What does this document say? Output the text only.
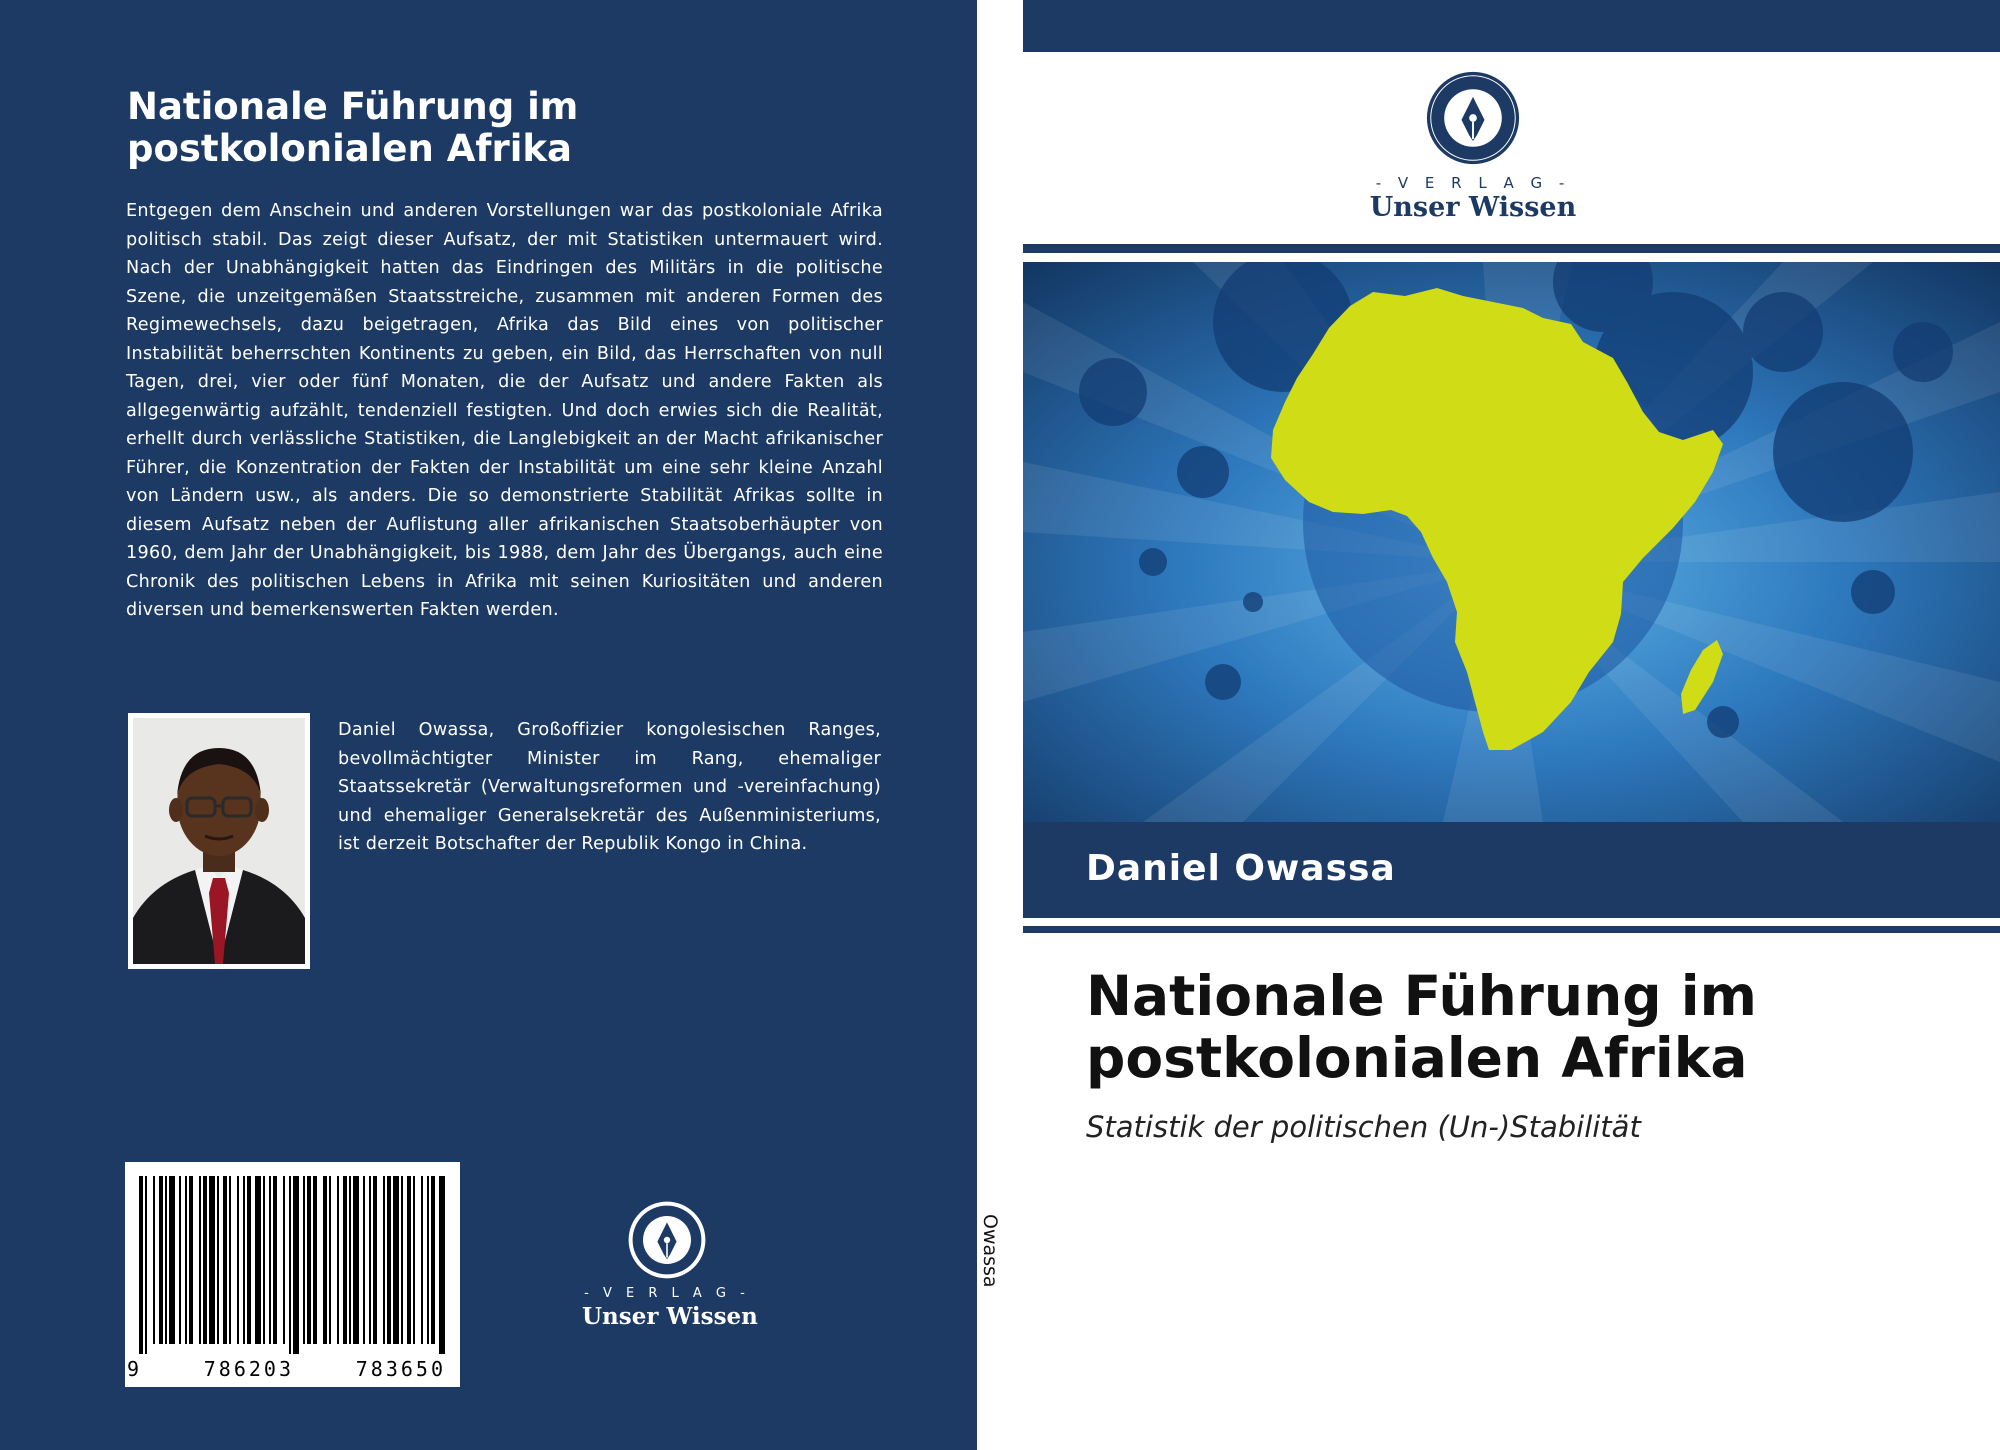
Nationale Führung im postkolonialen Afrika
Entgegen dem Anschein und anderen Vorstellungen war das postkoloniale Afrika politisch stabil. Das zeigt dieser Aufsatz, der mit Statistiken untermauert wird. Nach der Unabhängigkeit hatten das Eindringen des Militärs in die politische Szene, die unzeitgemäßen Staatsstreiche, zusammen mit anderen Formen des Regimewechsels, dazu beigetragen, Afrika das Bild eines von politischer Instabilität beherrschten Kontinents zu geben, ein Bild, das Herrschaften von null Tagen, drei, vier oder fünf Monaten, die der Aufsatz und andere Fakten als allgegenwärtig aufzählt, tendenziell festigten. Und doch erwies sich die Realität, erhellt durch verlässliche Statistiken, die Langlebigkeit an der Macht afrikanischer Führer, die Konzentration der Fakten der Instabilität um eine sehr kleine Anzahl von Ländern usw., als anders. Die so demonstrierte Stabilität Afrikas sollte in diesem Aufsatz neben der Auflistung aller afrikanischen Staatsoberhäupter von 1960, dem Jahr der Unabhängigkeit, bis 1988, dem Jahr des Übergangs, auch eine Chronik des politischen Lebens in Afrika mit seinen Kuriositäten und anderen diversen und bemerkenswerten Fakten werden.
Daniel Owassa, Großoffizier kongolesischen Ranges, bevollmächtigter Minister im Rang, ehemaliger Staatssekretär (Verwaltungsreformen und -vereinfachung) und ehemaliger Generalsekretär des Außenministeriums, ist derzeit Botschafter der Republik Kongo in China.
9	786203	783650
- V E R L A G -
Unser Wissen
Owassa
- V E R L A G -
Unser Wissen
Daniel Owassa
Nationale Führung im postkolonialen Afrika
Statistik der politischen (Un-)Stabilität
